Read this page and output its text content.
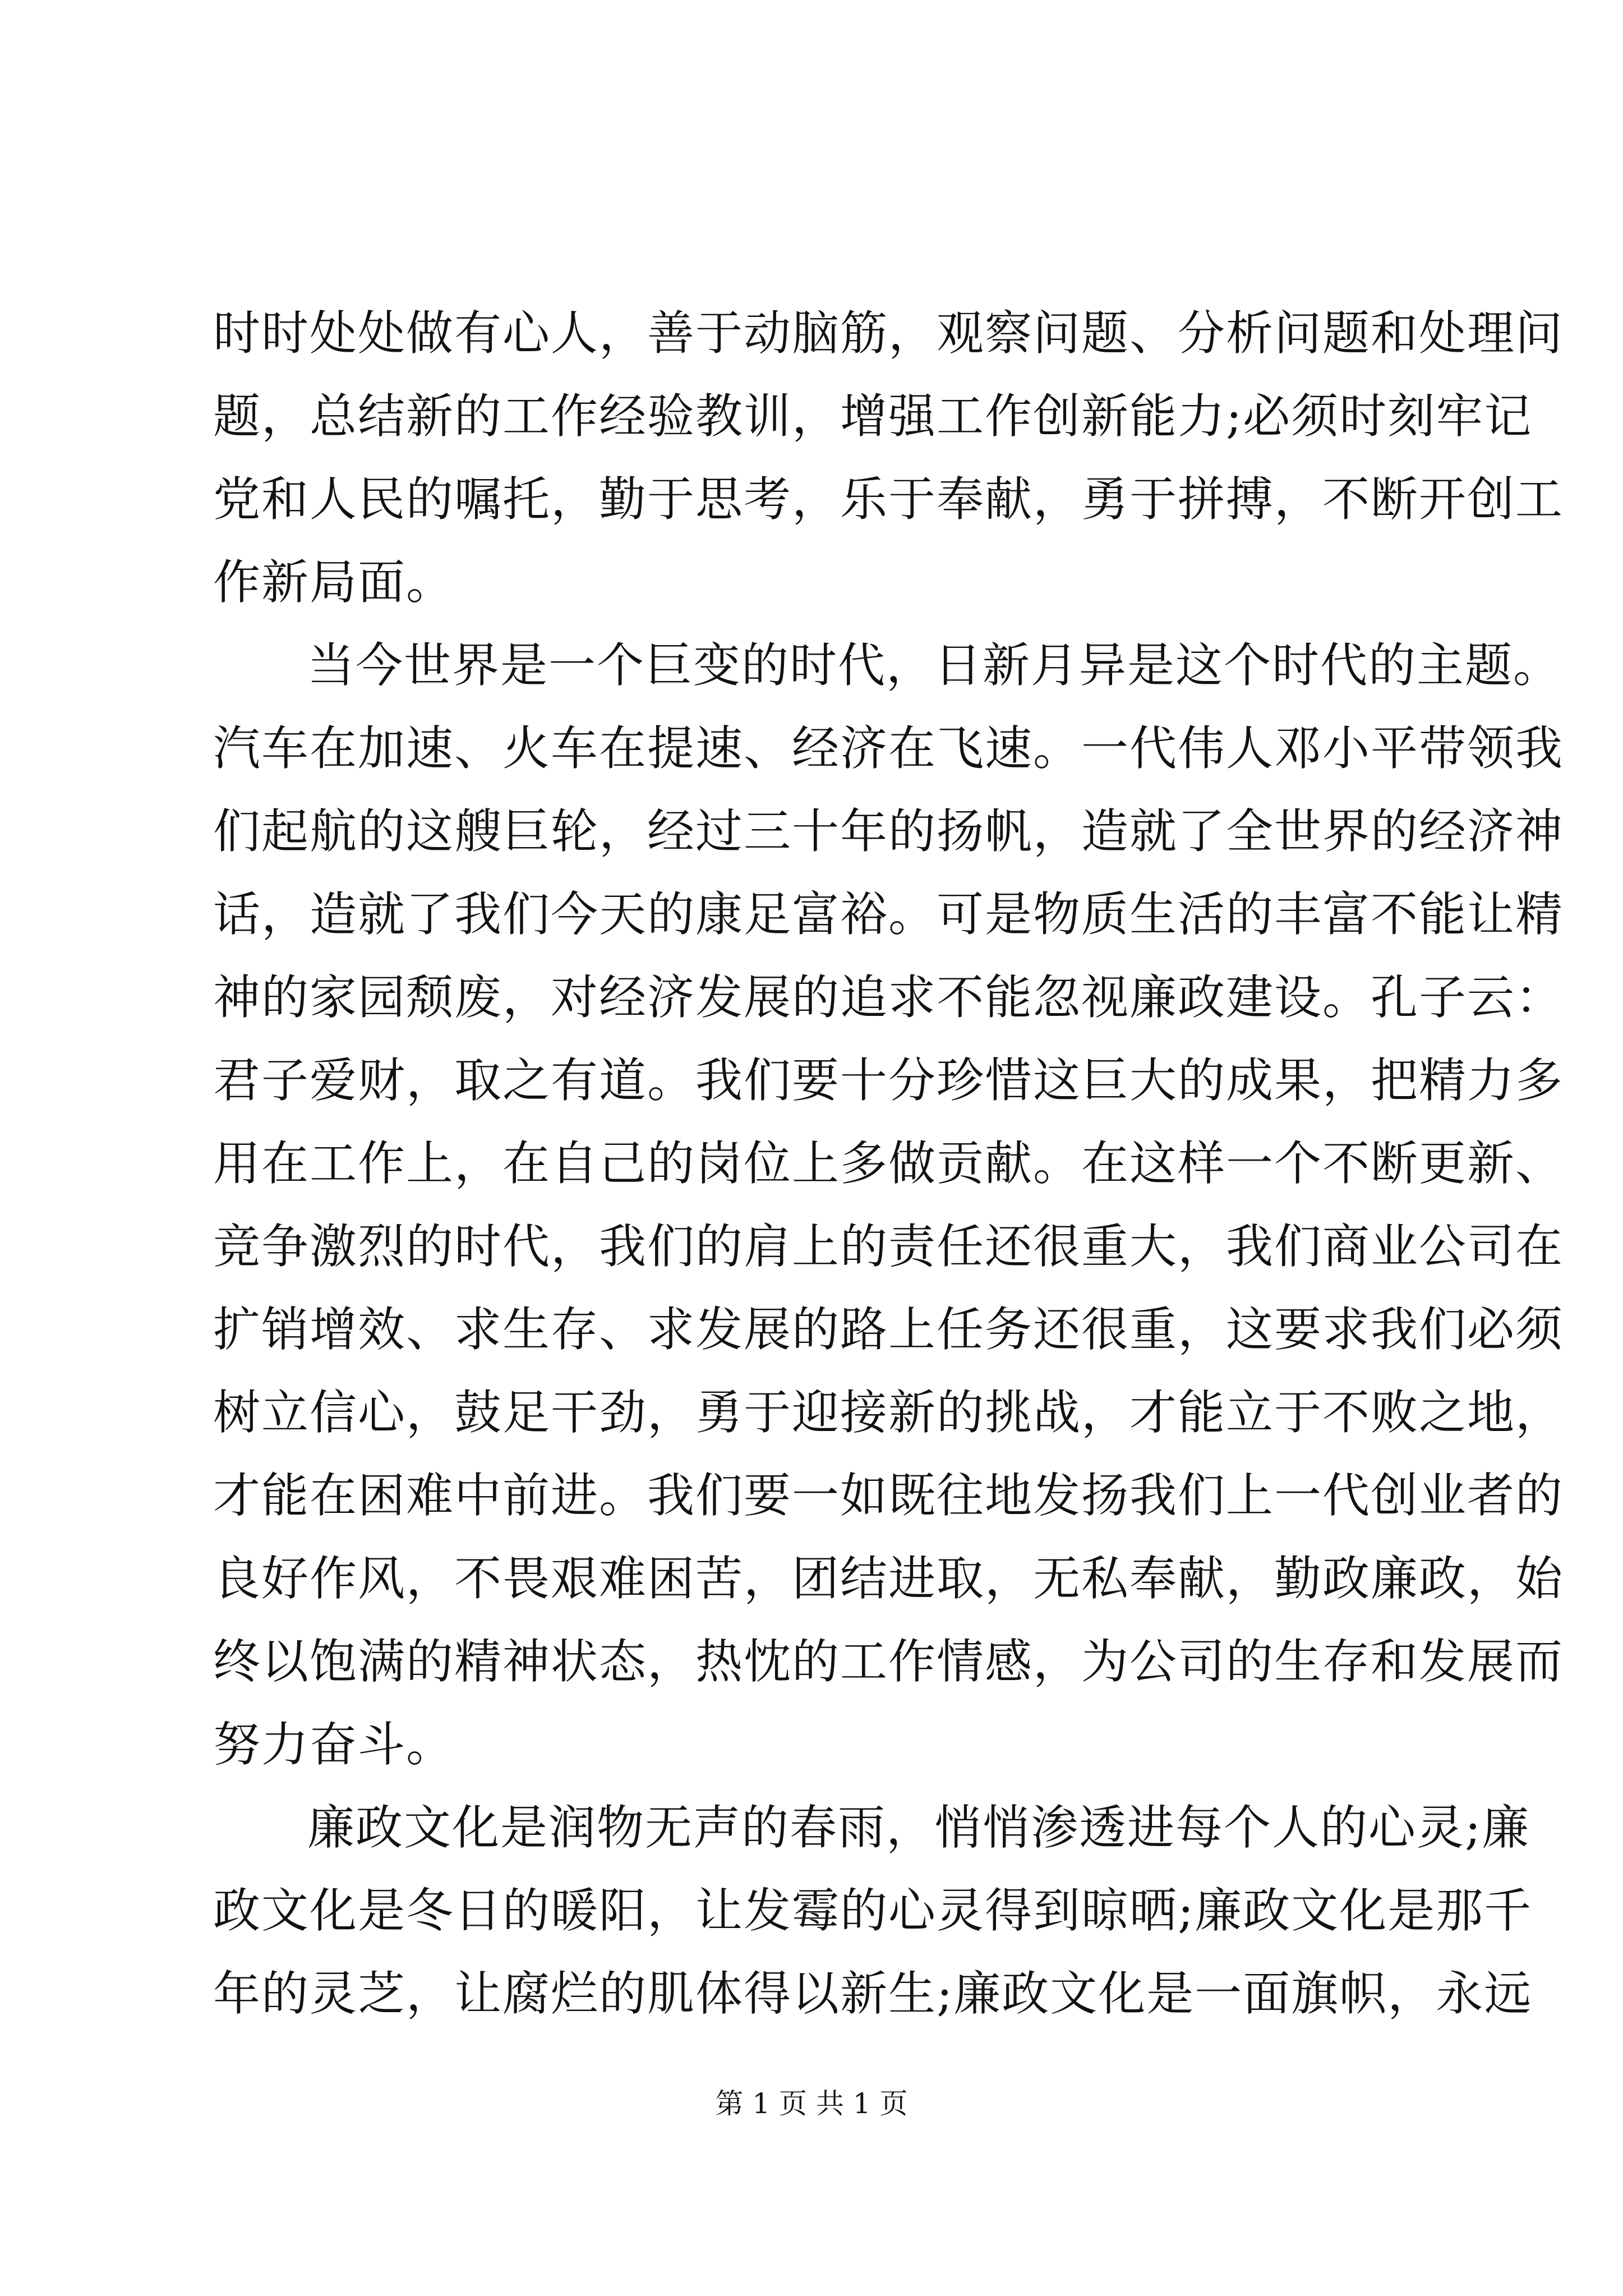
时时处处做有心人，善于动脑筋，观察问题、分析问题和处理问
题，总结新的工作经验教训，增强工作创新能力;必须时刻牢记
党和人民的嘱托，勤于思考，乐于奉献，勇于拼搏，不断开创工
作新局面。
当今世界是一个巨变的时代，日新月异是这个时代的主题。
汽车在加速、火车在提速、经济在飞速。一代伟人邓小平带领我
们起航的这艘巨轮，经过三十年的扬帆，造就了全世界的经济神
话，造就了我们今天的康足富裕。可是物质生活的丰富不能让精
神的家园颓废，对经济发展的追求不能忽视廉政建设。孔子云：
君子爱财，取之有道。我们要十分珍惜这巨大的成果，把精力多
用在工作上，在自己的岗位上多做贡献。在这样一个不断更新、
竞争激烈的时代，我们的肩上的责任还很重大，我们商业公司在
扩销增效、求生存、求发展的路上任务还很重，这要求我们必须
树立信心，鼓足干劲，勇于迎接新的挑战，才能立于不败之地，
才能在困难中前进。我们要一如既往地发扬我们上一代创业者的
良好作风，不畏艰难困苦，团结进取，无私奉献，勤政廉政，始
终以饱满的精神状态，热忱的工作情感，为公司的生存和发展而
努力奋斗。
廉政文化是润物无声的春雨，悄悄渗透进每个人的心灵;廉
政文化是冬日的暖阳，让发霉的心灵得到晾晒;廉政文化是那千
年的灵芝，让腐烂的肌体得以新生;廉政文化是一面旗帜，永远
第 1 页 共 1 页
